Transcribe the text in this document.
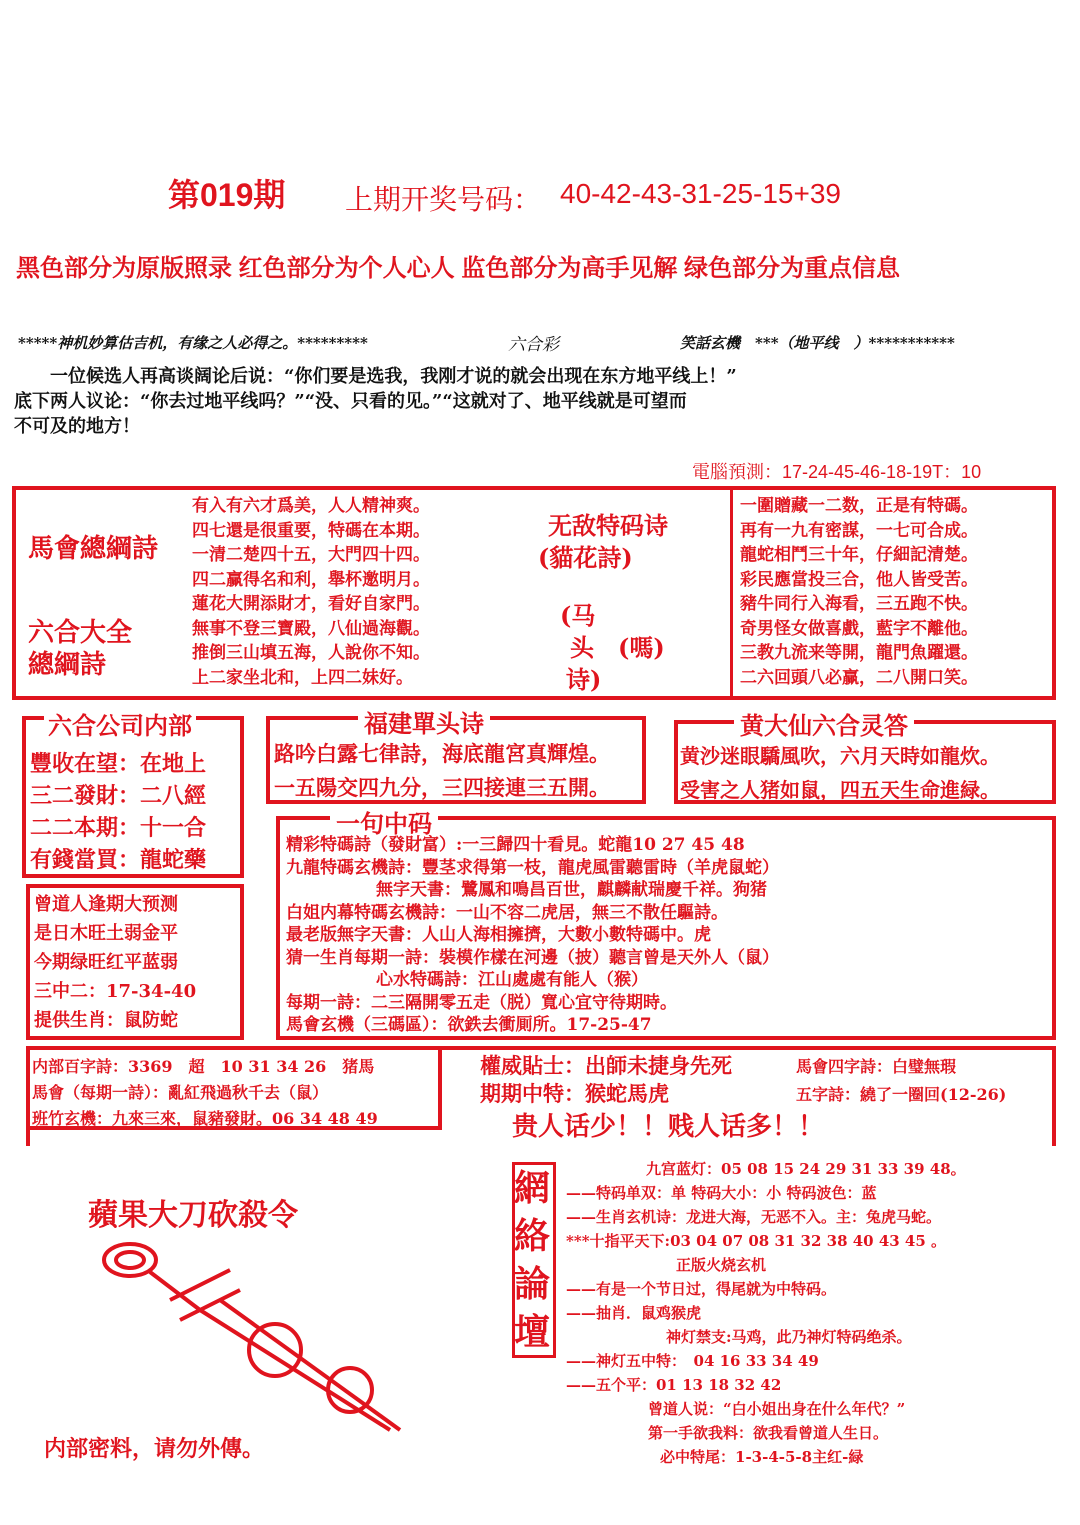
第019期 上期开奖号码： 40-42-43-31-25-15+39
黑色部分为原版照录 红色部分为个人心人 监色部分为高手见解 绿色部分为重点信息
*****神机妙算估吉机，有缘之人必得之。*********	六合彩	笑話玄機　***（地平线　）***********
一位候选人再高谈阔论后说：“你们要是选我，我刚才说的就会出现在东方地平线上！”
底下两人议论：“你去过地平线吗？”“没、只看的见。”“这就对了、地平线就是可望而
不可及的地方！
電腦預測：17-24-45-46-18-19T：10
馬會總綱詩
六合大全
總綱詩
有入有六才爲美，人人精神爽。
四七還是很重要，特碼在本期。
一清二楚四十五，大門四十四。
四二赢得名和利，舉杯邀明月。
蓮花大開添財才，看好自家門。
無事不登三寶殿，八仙過海觀。
推倒三山填五海，人說你不知。
上二家坐北和，上四二妹好。
无敌特码诗
(貓花詩)
(马
头　(嗎)
诗)
一圍贈藏一二数，正是有特碼。
再有一九有密謀，一七可合成。
龍蛇相鬥三十年，仔細記清楚。
彩民應當投三合，他人皆受苦。
豬牛同行入海看，三五跑不快。
奇男怪女做喜戲，藍字不離他。
三教九流来等開，龍門魚躍還。
二六回頭八必赢，二八開口笑。
六合公司内部
豐收在望：在地上
三二發財：二八經
二二本期：十一合
有錢當買：龍蛇藥
福建單头诗
路吟白露七律詩，海底龍宮真輝煌。
一五陽交四九分，三四接連三五開。
黄大仙六合灵答
黄沙迷眼驕風吹，六月天時如龍炊。
受害之人猪如鼠，四五天生命進緑。
曾道人逢期大预测
是日木旺土弱金平
今期绿旺红平蓝弱
三中二：17-34-40
提供生肖：鼠防蛇
一句中码
精彩特碼詩（發財富）:一三歸四十看見。蛇龍10 27 45 48
九龍特碼玄機詩：豐茎求得第一枝，龍虎風雷聽雷時（羊虎鼠蛇）
無字天書：鷺鳳和鳴昌百世，麒麟献瑞慶千祥。狗猪
白姐内幕特碼玄機詩：一山不容二虎居，無三不散任驅詩。
最老版無字天書：人山人海相擁擠，大數小數特碼中。虎
猜一生肖每期一詩：裝模作樣在河邊（披）聽言曾是天外人（鼠）
心水特碼詩：江山處處有能人（猴）
每期一詩：二三隔開零五走（脱）寬心宜守待期時。
馬會玄機（三碼區）：欲鉄去衝厠所。17-25-47
内部百字詩：3369　超　10 31 34 26　猪馬
馬會（每期一詩）：亂紅飛過秋千去（鼠）
班竹玄機：九來三來，鼠豬發財。06 34 48 49
權威貼士：出師未捷身先死
期期中特：猴蛇馬虎
馬會四字詩：白璧無瑕
五字詩：繞了一圈回(12-26)
贵人话少！！贱人话多！！
蘋果大刀砍殺令
内部密料，请勿外傳。
網
絡
論
壇
九宫蓝灯：05 08 15 24 29 31 33 39 48。
——特码单双：单 特码大小：小 特码波色：蓝
——生肖玄机诗：龙进大海，无恶不入。主：兔虎马蛇。
***十指平天下:03 04 07 08 31 32 38 40 43 45 。
正版火烧玄机
——有是一个节日过，得尾就为中特码。
——抽肖．鼠鸡猴虎
神灯禁支:马鸡，此乃神灯特码绝杀。
——神灯五中特：　04 16 33 34 49
——五个平：01 13 18 32 42
曾道人说：“白小姐出身在什么年代？”
第一手欲我料：欲我看曾道人生日。
必中特尾：1-3-4-5-8主红-緑
